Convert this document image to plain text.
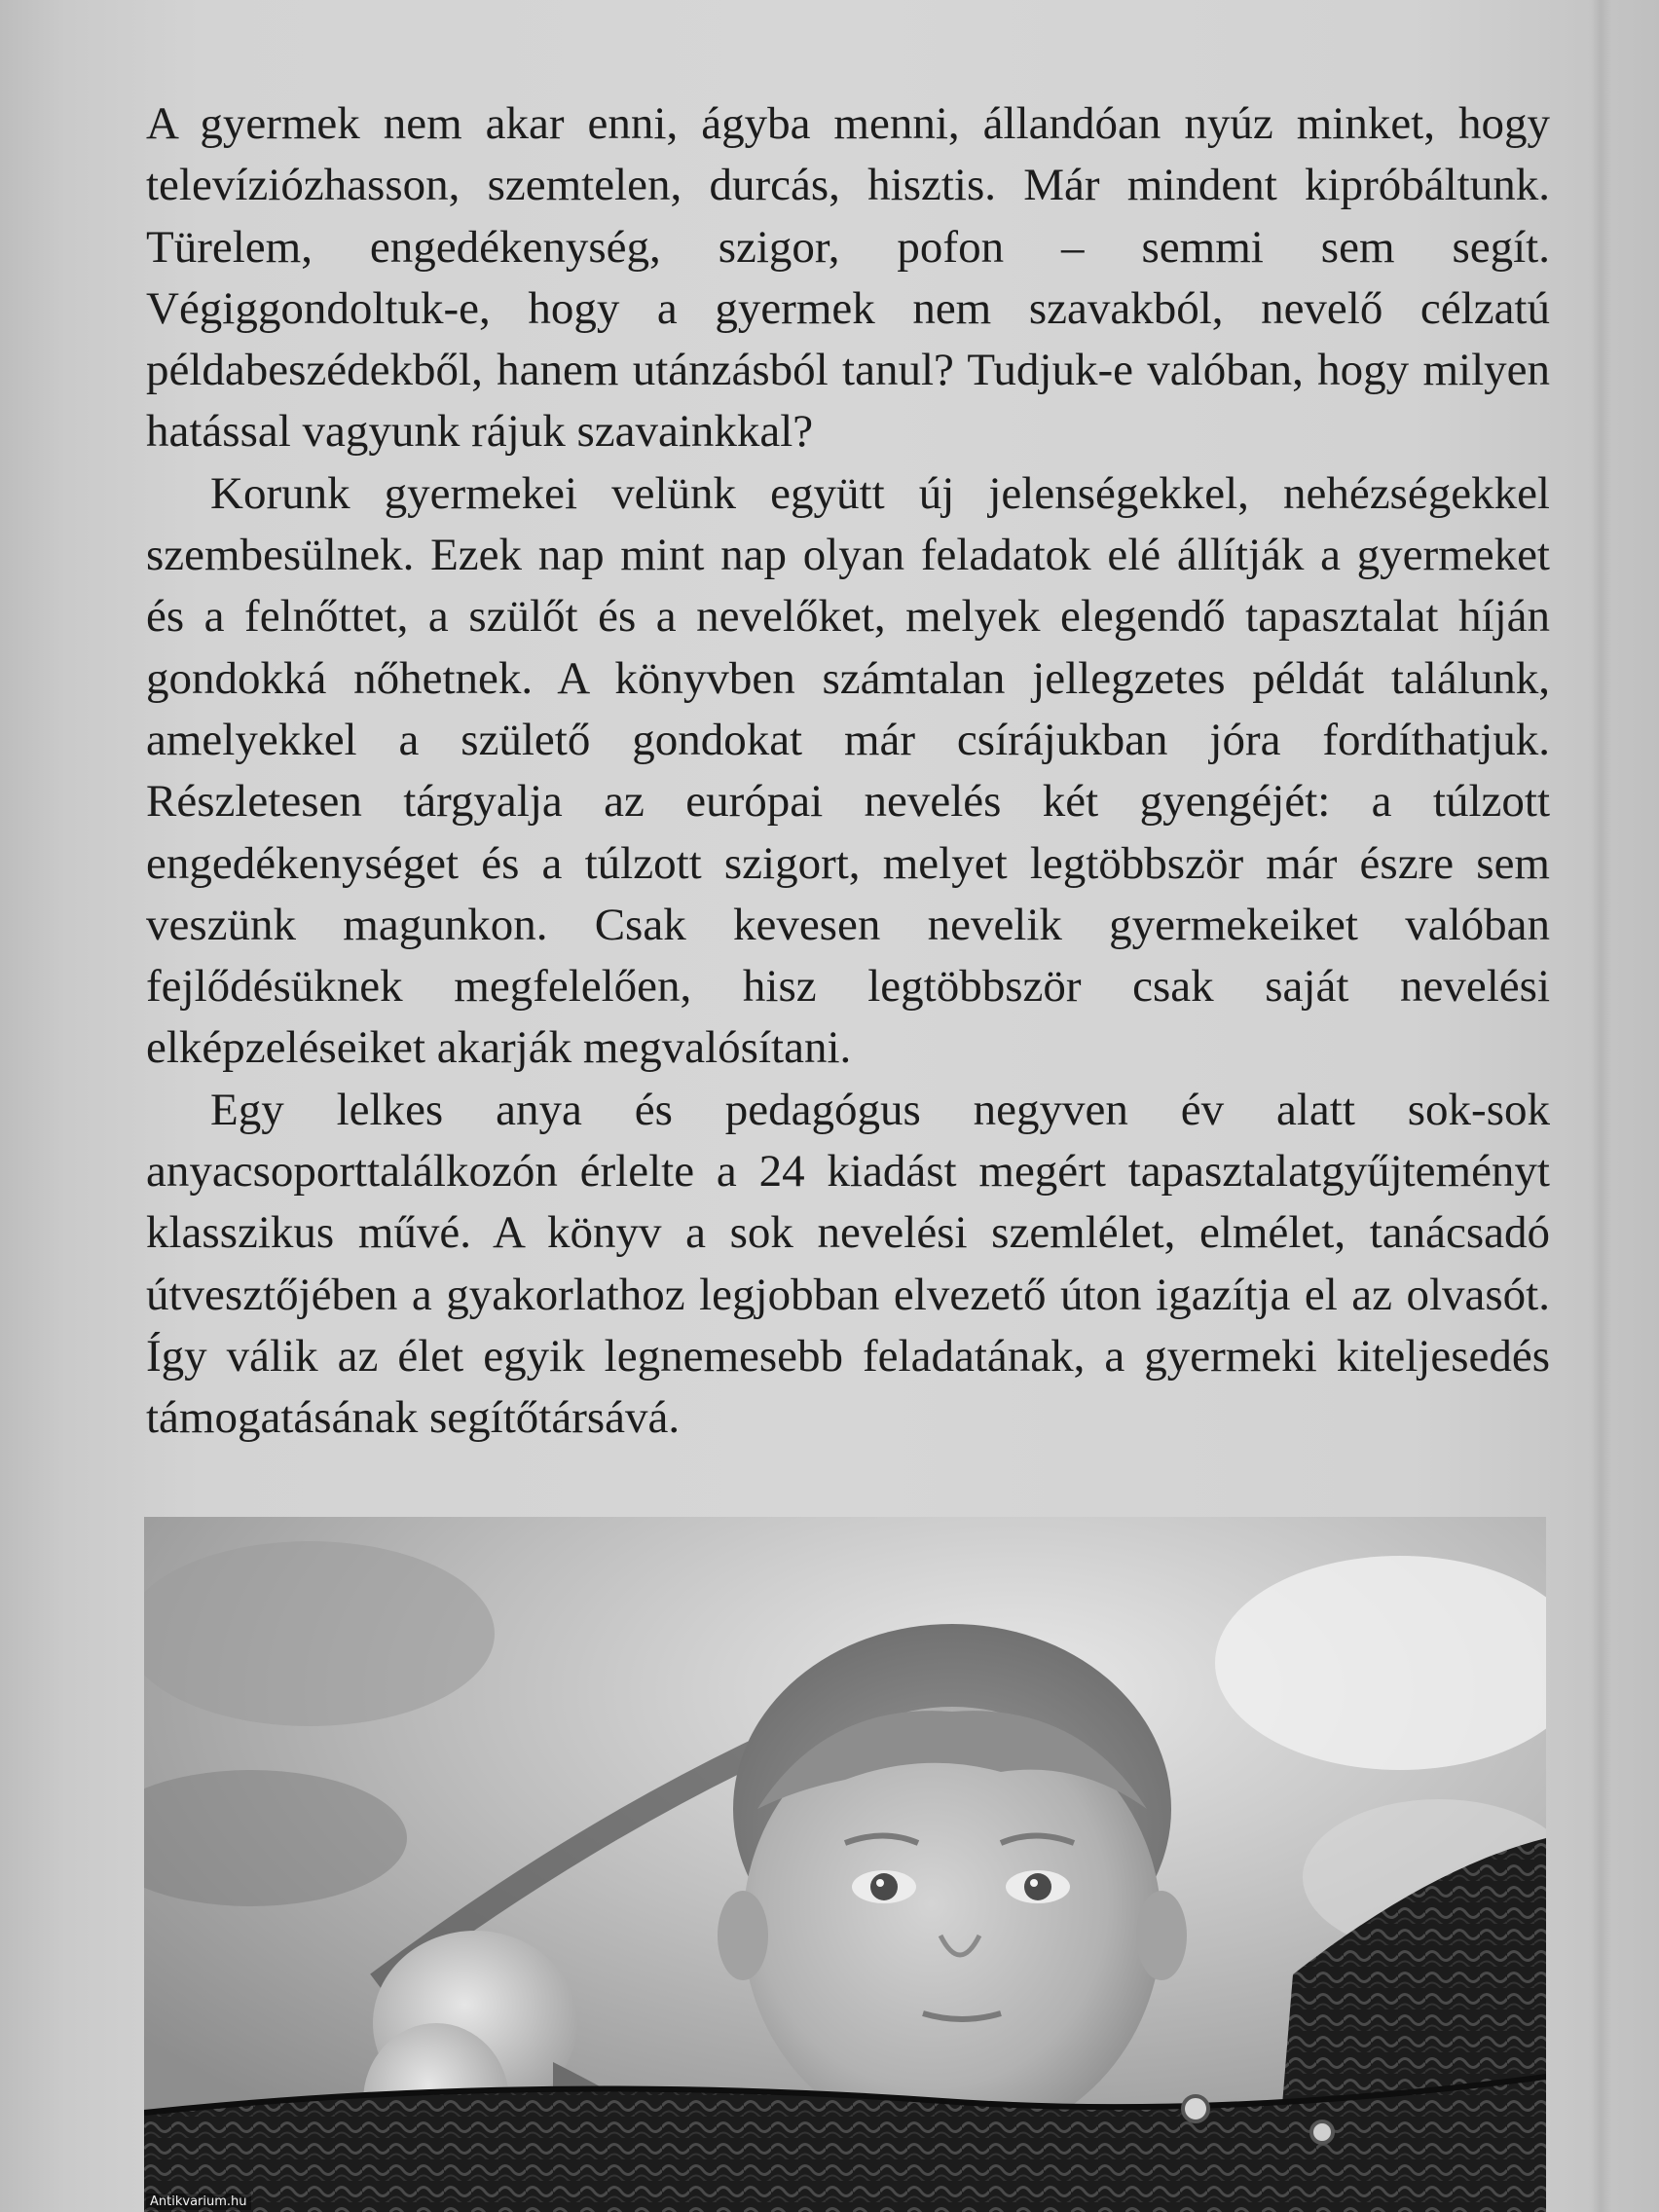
A gyermek nem akar enni, ágyba menni, állandóan nyúz minket, hogy televíziózhasson, szemtelen, durcás, hisztis. Már mindent kipróbáltunk. Türelem, engedékenység, szigor, pofon – semmi sem segít. Végiggondoltuk-e, hogy a gyermek nem szavakból, nevelő célzatú példabeszédekből, hanem utánzásból tanul? Tudjuk-e valóban, hogy milyen hatással vagyunk rájuk szavainkkal?

Korunk gyermekei velünk együtt új jelenségekkel, nehézségekkel szembesülnek. Ezek nap mint nap olyan feladatok elé állítják a gyermeket és a felnőttet, a szülőt és a nevelőket, melyek elegendő tapasztalat híján gondokká nőhetnek. A könyvben számtalan jellegzetes példát találunk, amelyekkel a születő gondokat már csírájukban jóra fordíthatjuk. Részletesen tárgyalja az európai nevelés két gyengéjét: a túlzott engedékenységet és a túlzott szigort, melyet legtöbbször már észre sem veszünk magunkon. Csak kevesen nevelik gyermekeiket valóban fejlődésüknek megfelelően, hisz legtöbbször csak saját nevelési elképzeléseiket akarják megvalósítani.

Egy lelkes anya és pedagógus negyven év alatt sok-sok anyacsoporttalálkozón érlelte a 24 kiadást megért tapasztalatgyűjteményt klasszikus művé. A könyv a sok nevelési szemlélet, elmélet, tanácsadó útvesztőjében a gyakorlathoz legjobban elvezető úton igazítja el az olvasót. Így válik az élet egyik legnemesebb feladatának, a gyermeki kiteljesedés támogatásának segítőtársává.

Antikvarium.hu
